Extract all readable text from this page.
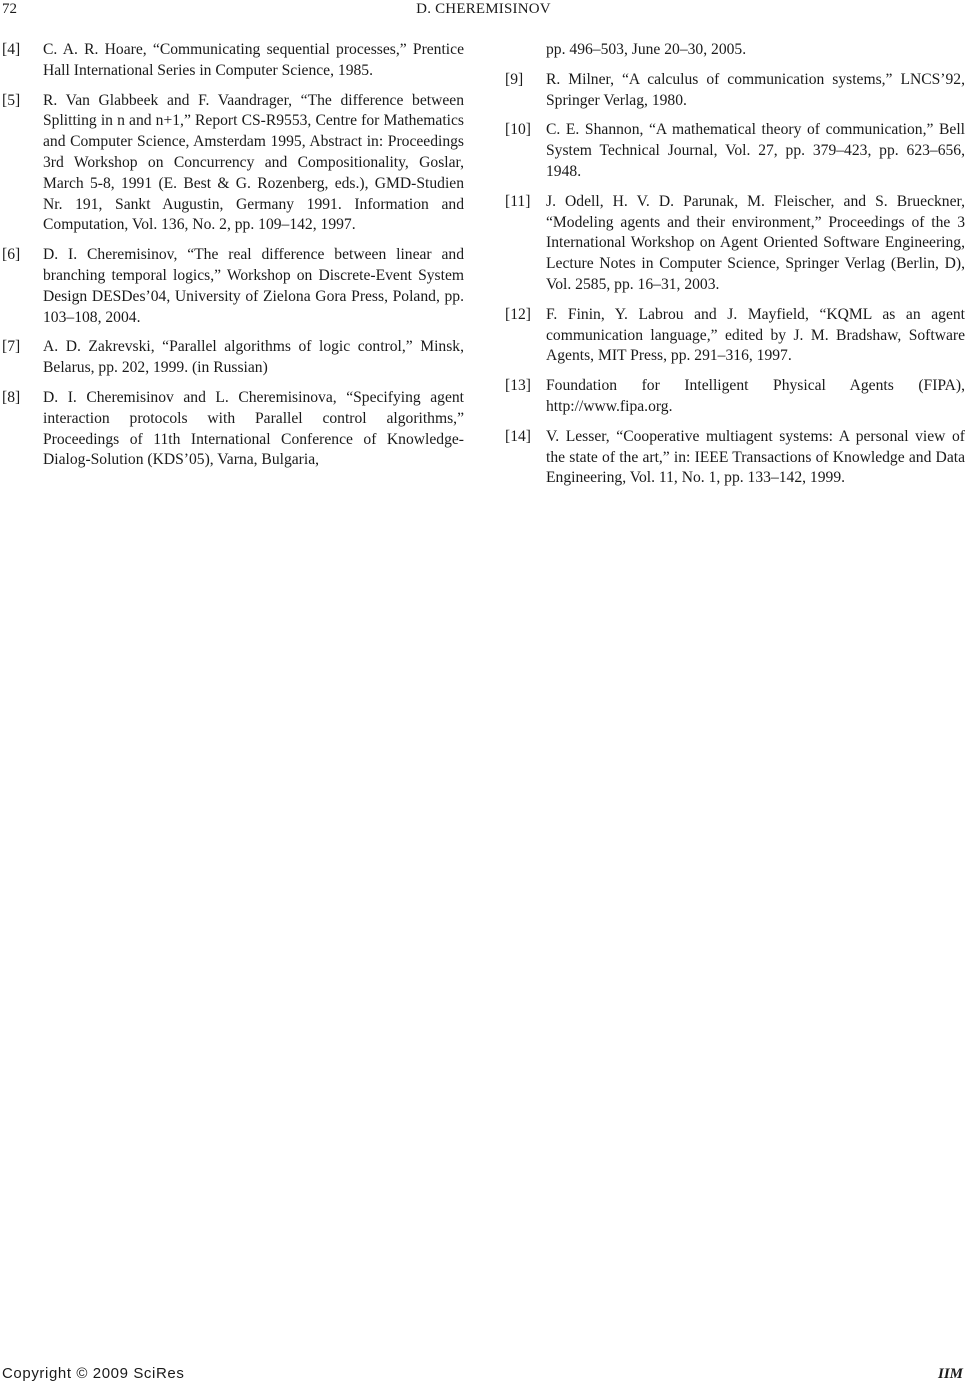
72	D. CHEREMISINOV
[4] C. A. R. Hoare, “Communicating sequential processes,” Prentice Hall International Series in Computer Science, 1985.
[5] R. Van Glabbeek and F. Vaandrager, “The difference between Splitting in n and n+1,” Report CS-R9553, Centre for Mathematics and Computer Science, Amsterdam 1995, Abstract in: Proceedings 3rd Workshop on Concurrency and Compositionality, Goslar, March 5-8, 1991 (E. Best & G. Rozenberg, eds.), GMD-Studien Nr. 191, Sankt Augustin, Germany 1991. Information and Computation, Vol. 136, No. 2, pp. 109–142, 1997.
[6] D. I. Cheremisinov, “The real difference between linear and branching temporal logics,” Workshop on Discrete-Event System Design DESDes’04, University of Zielona Gora Press, Poland, pp. 103–108, 2004.
[7] A. D. Zakrevski, “Parallel algorithms of logic control,” Minsk, Belarus, pp. 202, 1999. (in Russian)
[8] D. I. Cheremisinov and L. Cheremisinova, “Specifying agent interaction protocols with Parallel control algorithms,” Proceedings of 11th International Conference of Knowledge-Dialog-Solution (KDS’05), Varna, Bulgaria,
pp. 496–503, June 20–30, 2005.
[9] R. Milner, “A calculus of communication systems,” LNCS’92, Springer Verlag, 1980.
[10] C. E. Shannon, “A mathematical theory of communication,” Bell System Technical Journal, Vol. 27, pp. 379–423, pp. 623–656, 1948.
[11] J. Odell, H. V. D. Parunak, M. Fleischer, and S. Brueckner, “Modeling agents and their environment,” Proceedings of the 3 International Workshop on Agent Oriented Software Engineering, Lecture Notes in Computer Science, Springer Verlag (Berlin, D), Vol. 2585, pp. 16–31, 2003.
[12] F. Finin, Y. Labrou and J. Mayfield, “KQML as an agent communication language,” edited by J. M. Bradshaw, Software Agents, MIT Press, pp. 291–316, 1997.
[13] Foundation for Intelligent Physical Agents (FIPA), http://www.fipa.org.
[14] V. Lesser, “Cooperative multiagent systems: A personal view of the state of the art,” in: IEEE Transactions of Knowledge and Data Engineering, Vol. 11, No. 1, pp. 133–142, 1999.
Copyright © 2009 SciRes	IIM
